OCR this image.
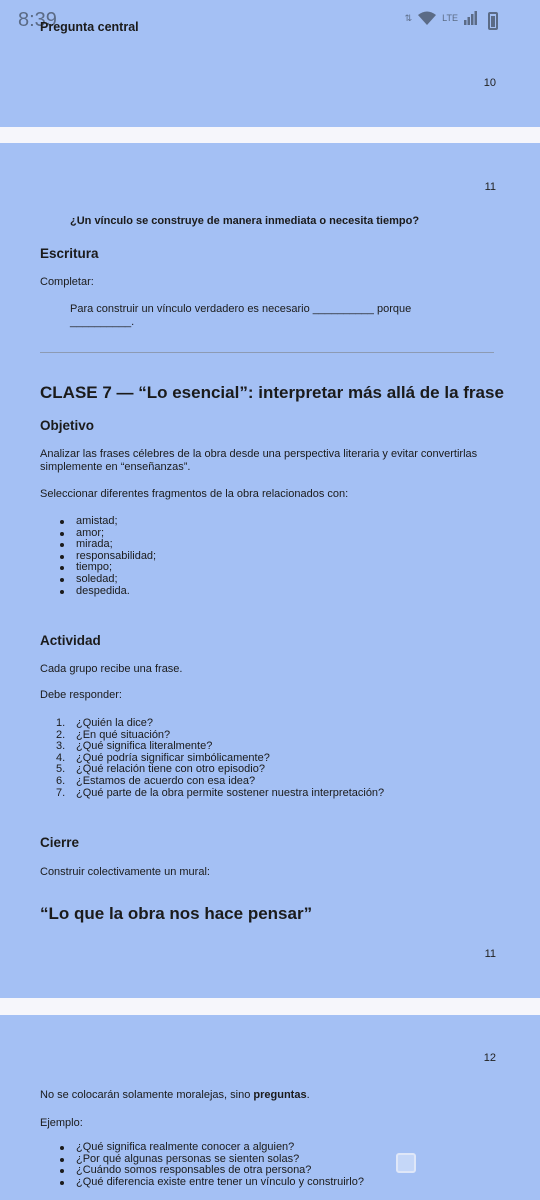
8:39	⇅	LTE
Pregunta central
10
11
¿Un vínculo se construye de manera inmediata o necesita tiempo?
Escritura
Completar:
Para construir un vínculo verdadero es necesario __________ porque
__________.
CLASE 7 — “Lo esencial”: interpretar más allá de la frase
Objetivo
Analizar las frases célebres de la obra desde una perspectiva literaria y evitar convertirlas simplemente en “enseñanzas”.
Seleccionar diferentes fragmentos de la obra relacionados con:
amistad;
amor;
mirada;
responsabilidad;
tiempo;
soledad;
despedida.
Actividad
Cada grupo recibe una frase.
Debe responder:
1. ¿Quién la dice?
2. ¿En qué situación?
3. ¿Qué significa literalmente?
4. ¿Qué podría significar simbólicamente?
5. ¿Qué relación tiene con otro episodio?
6. ¿Estamos de acuerdo con esa idea?
7. ¿Qué parte de la obra permite sostener nuestra interpretación?
Cierre
Construir colectivamente un mural:
“Lo que la obra nos hace pensar”
11
12
No se colocarán solamente moralejas, sino preguntas.
Ejemplo:
¿Qué significa realmente conocer a alguien?
¿Por qué algunas personas se sienten solas?
¿Cuándo somos responsables de otra persona?
¿Qué diferencia existe entre tener un vínculo y construirlo?
